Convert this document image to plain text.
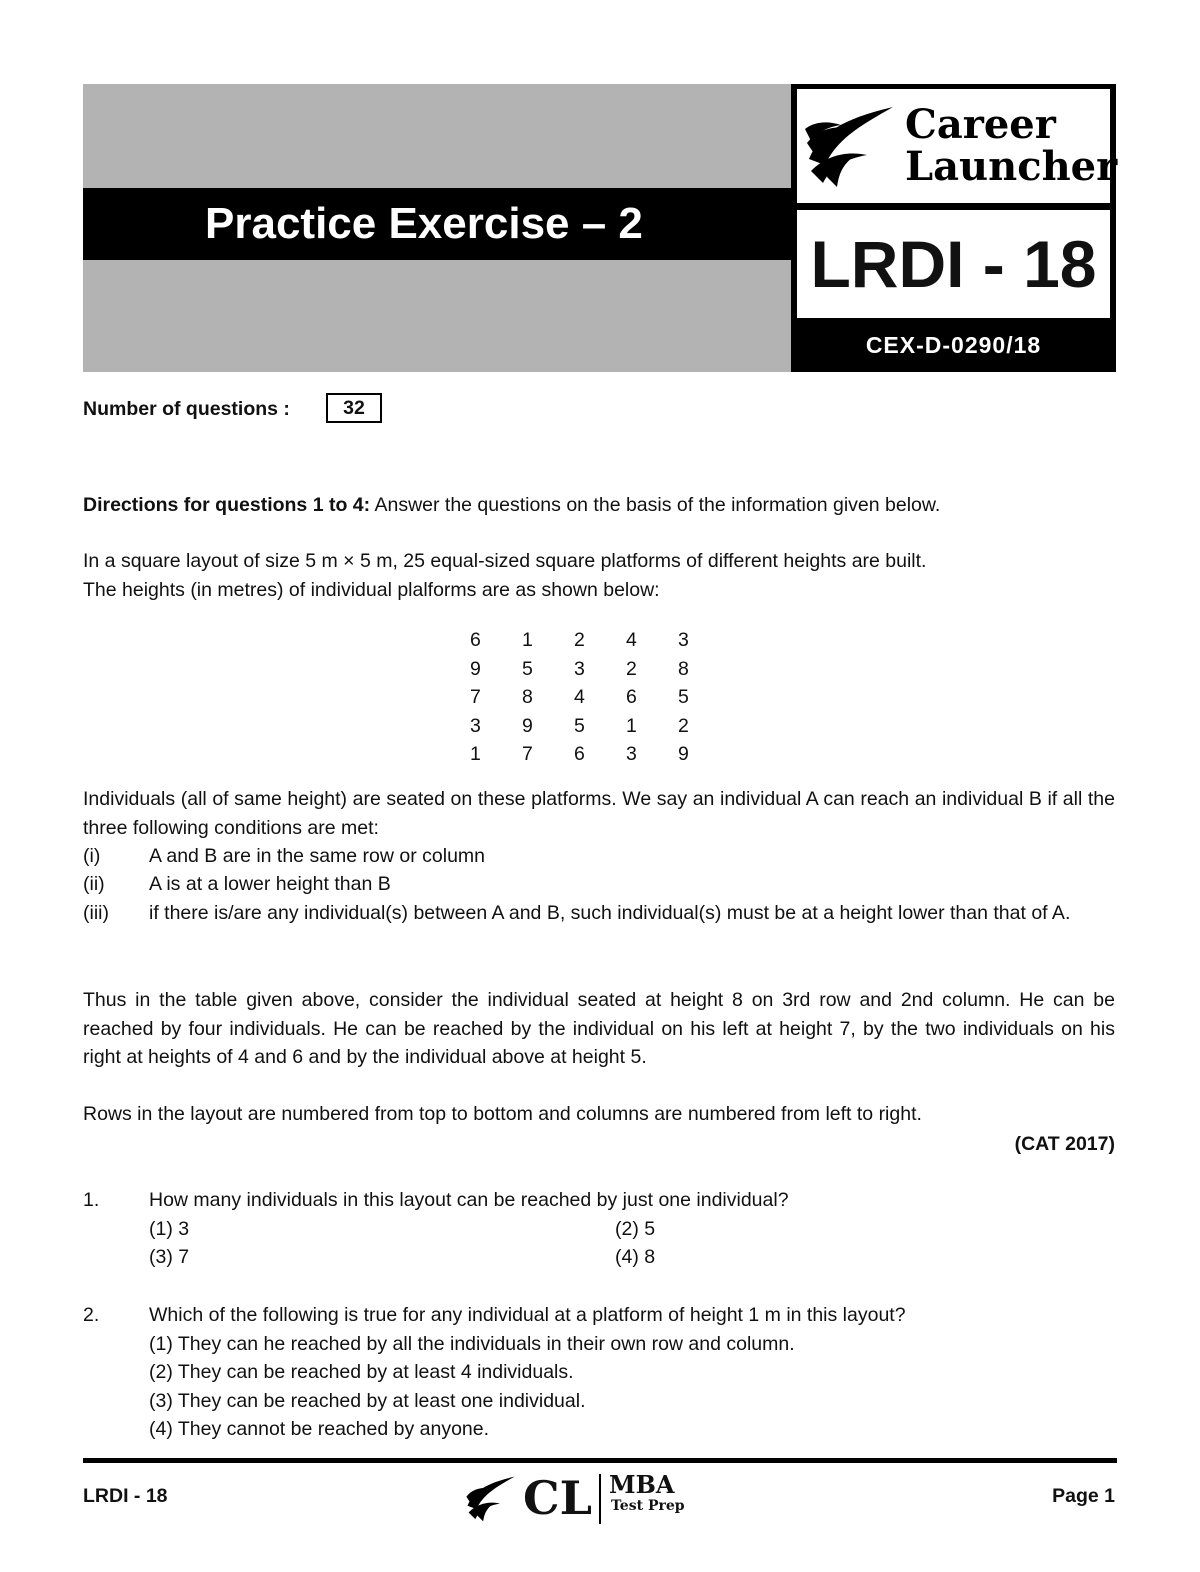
Practice Exercise – 2
Career
Launcher
LRDI - 18
CEX-D-0290/18
Number of questions :	32
Directions for questions 1 to 4: Answer the questions on the basis of the information given below.
In a square layout of size 5 m × 5 m, 25 equal-sized square platforms of different heights are built.
The heights (in metres) of individual plalforms are as shown below:
6	1	2	4	3
9	5	3	2	8
7	8	4	6	5
3	9	5	1	2
1	7	6	3	9
Individuals (all of same height) are seated on these platforms. We say an individual A can reach an individual B if all the three following conditions are met:
(i) A and B are in the same row or column
(ii) A is at a lower height than B
(iii) if there is/are any individual(s) between A and B, such individual(s) must be at a height lower than that of A.
Thus in the table given above, consider the individual seated at height 8 on 3rd row and 2nd column. He can be reached by four individuals. He can be reached by the individual on his left at height 7, by the two individuals on his right at heights of 4 and 6 and by the individual above at height 5.
Rows in the layout are numbered from top to bottom and columns are numbered from left to right.
(CAT 2017)
1.	How many individuals in this layout can be reached by just one individual?
(1) 3	(2) 5
(3) 7	(4) 8
2.	Which of the following is true for any individual at a platform of height 1 m in this layout?
(1) They can he reached by all the individuals in their own row and column.
(2) They can be reached by at least 4 individuals.
(3) They can be reached by at least one individual.
(4) They cannot be reached by anyone.
LRDI - 18	CL MBA
Test Prep	Page 1
